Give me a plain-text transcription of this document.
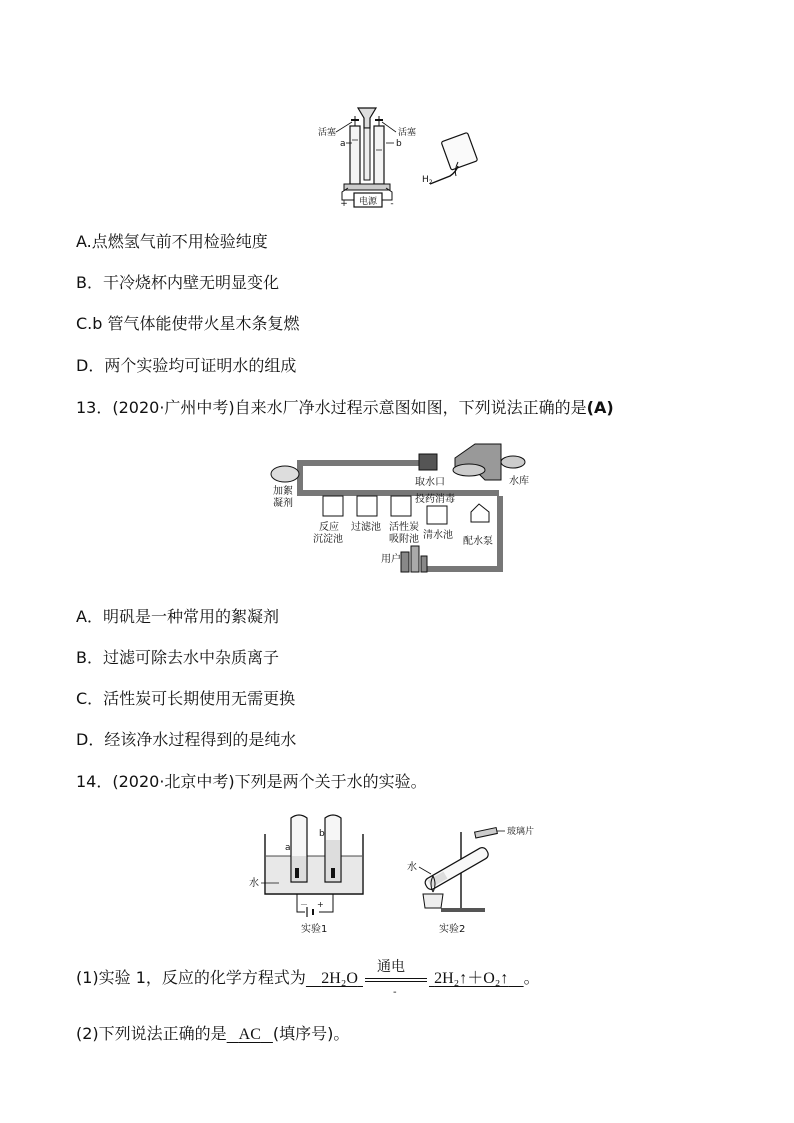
电源
+	-
活塞	活塞
a	b
$H_2$
A.点燃氢气前不用检验纯度
B．干冷烧杯内壁无明显变化
C.b 管气体能使带火星木条复燃
D．两个实验均可证明水的组成
13．(2020·广州中考)自来水厂净水过程示意图如图，下列说法正确的是(A)
取水口	水库
加絮
凝剂
反应
沉淀池
过滤池 活性炭
吸附池 清水池
投药消毒
配水泵
用户
A．明矾是一种常用的絮凝剂
B．过滤可除去水中杂质离子
C．活性炭可长期使用无需更换
D．经该净水过程得到的是纯水
14．(2020·北京中考)下列是两个关于水的实验。
a
b
－ +
水
实验1
玻璃片
水
实验2
(1)实验 1，反应的化学方程式为 2H₂O
通电
-
2H₂↑＋O₂↑ 。
(2)下列说法正确的是 AC (填序号)。
